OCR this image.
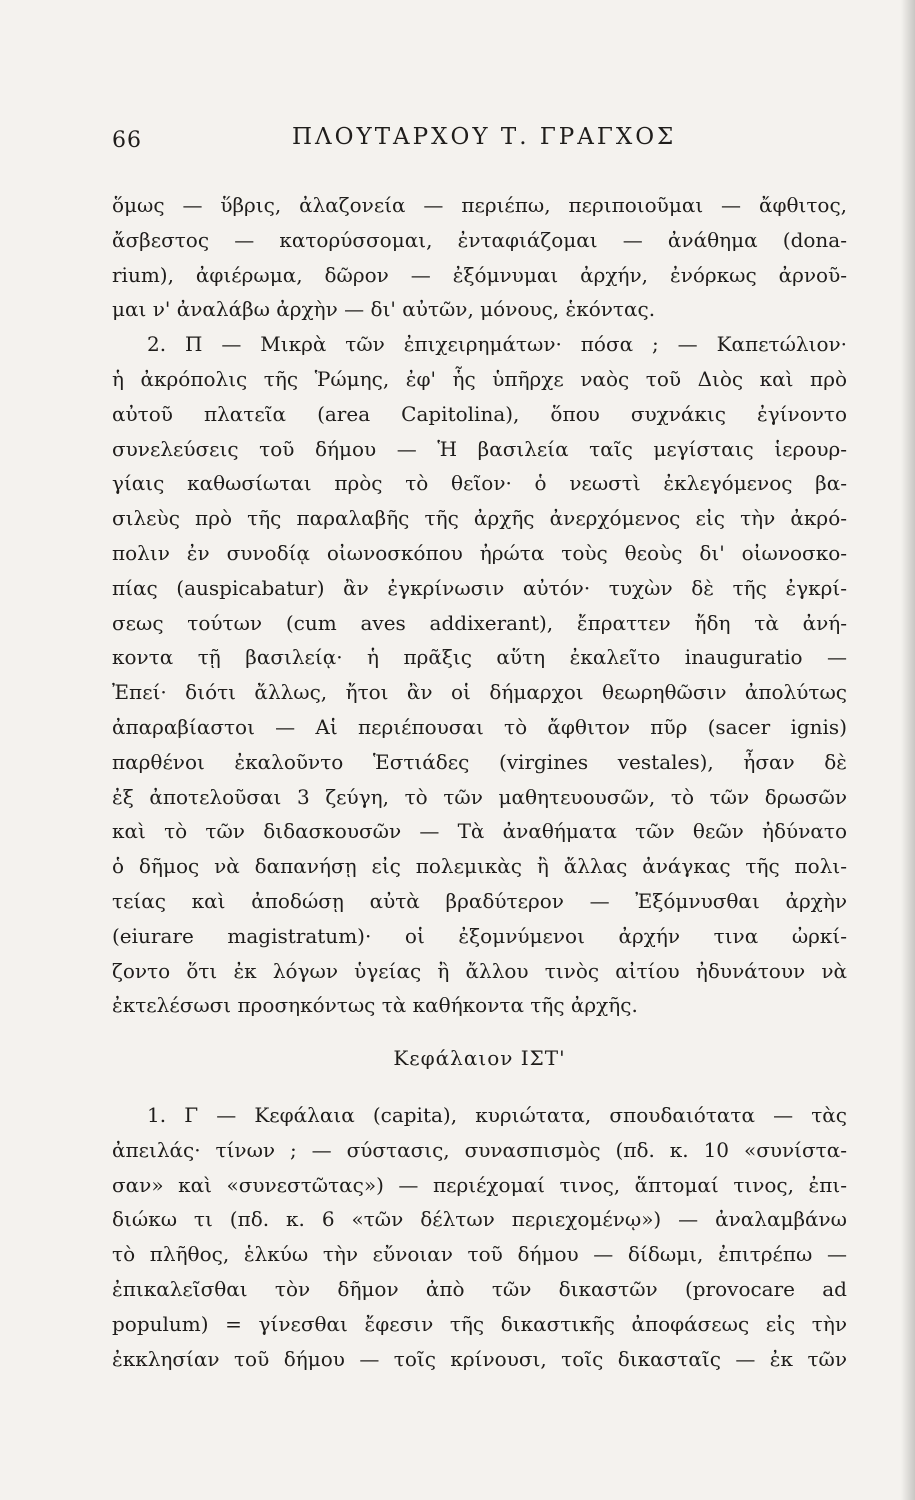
66	ΠΛΟΥΤΑΡΧΟΥ Τ. ΓΡΑΓΧΟΣ
ὅμως — ὕβρις, ἀλαζονεία — περιέπω, περιποιοῦμαι — ἄφθιτος,
ἄσβεστος — κατορύσσομαι, ἐνταφιάζομαι — ἀνάθημα (dona-
rium), ἀφιέρωμα, δῶρον — ἐξόμνυμαι ἀρχήν, ἐνόρκως ἀρνοῦ-
μαι ν' ἀναλάβω ἀρχὴν — δι' αὐτῶν, μόνους, ἑκόντας.
2. Π — Μικρὰ τῶν ἐπιχειρημάτων· πόσα ; — Καπετώλιον·
ἡ ἀκρόπολις τῆς Ῥώμης, ἐφ' ἧς ὑπῆρχε ναὸς τοῦ Διὸς καὶ πρὸ
αὐτοῦ πλατεῖα (area Capitolina), ὅπου συχνάκις ἐγίνοντο
συνελεύσεις τοῦ δήμου — Ἡ βασιλεία ταῖς μεγίσταις ἱερουρ-
γίαις καθωσίωται πρὸς τὸ θεῖον· ὁ νεωστὶ ἐκλεγόμενος βα-
σιλεὺς πρὸ τῆς παραλαβῆς τῆς ἀρχῆς ἀνερχόμενος εἰς τὴν ἀκρό-
πολιν ἐν συνοδίᾳ οἰωνοσκόπου ἠρώτα τοὺς θεοὺς δι' οἰωνοσκο-
πίας (auspicabatur) ἂν ἐγκρίνωσιν αὐτόν· τυχὼν δὲ τῆς ἐγκρί-
σεως τούτων (cum aves addixerant), ἔπραττεν ἤδη τὰ ἀνή-
κοντα τῇ βασιλείᾳ· ἡ πρᾶξις αὕτη ἐκαλεῖτο inauguratio —
Ἐπεί· διότι ἄλλως, ἤτοι ἂν οἱ δήμαρχοι θεωρηθῶσιν ἀπολύτως
ἀπαραβίαστοι — Αἱ περιέπουσαι τὸ ἄφθιτον πῦρ (sacer ignis)
παρθένοι ἐκαλοῦντο Ἑστιάδες (virgines vestales), ἦσαν δὲ
ἐξ ἀποτελοῦσαι 3 ζεύγη, τὸ τῶν μαθητευουσῶν, τὸ τῶν δρωσῶν
καὶ τὸ τῶν διδασκουσῶν — Τὰ ἀναθήματα τῶν θεῶν ἠδύνατο
ὁ δῆμος νὰ δαπανήσῃ εἰς πολεμικὰς ἢ ἄλλας ἀνάγκας τῆς πολι-
τείας καὶ ἀποδώσῃ αὐτὰ βραδύτερον — Ἐξόμνυσθαι ἀρχὴν
(eiurare magistratum)· οἱ ἐξομνύμενοι ἀρχήν τινα ὠρκί-
ζοντο ὅτι ἐκ λόγων ὑγείας ἢ ἄλλου τινὸς αἰτίου ἠδυνάτουν νὰ
ἐκτελέσωσι προσηκόντως τὰ καθήκοντα τῆς ἀρχῆς.
Κεφάλαιον ΙΣΤ'
1. Γ — Κεφάλαια (capita), κυριώτατα, σπουδαιότατα — τὰς
ἀπειλάς· τίνων ; — σύστασις, συνασπισμὸς (πδ. κ. 10 «συνίστα-
σαν» καὶ «συνεστῶτας») — περιέχομαί τινος, ἅπτομαί τινος, ἐπι-
διώκω τι (πδ. κ. 6 «τῶν δέλτων περιεχομένῳ») — ἀναλαμβάνω
τὸ πλῆθος, ἑλκύω τὴν εὔνοιαν τοῦ δήμου — δίδωμι, ἐπιτρέπω —
ἐπικαλεῖσθαι τὸν δῆμον ἀπὸ τῶν δικαστῶν (provocare ad
populum) = γίνεσθαι ἔφεσιν τῆς δικαστικῆς ἀποφάσεως εἰς τὴν
ἐκκλησίαν τοῦ δήμου — τοῖς κρίνουσι, τοῖς δικασταῖς — ἐκ τῶν
